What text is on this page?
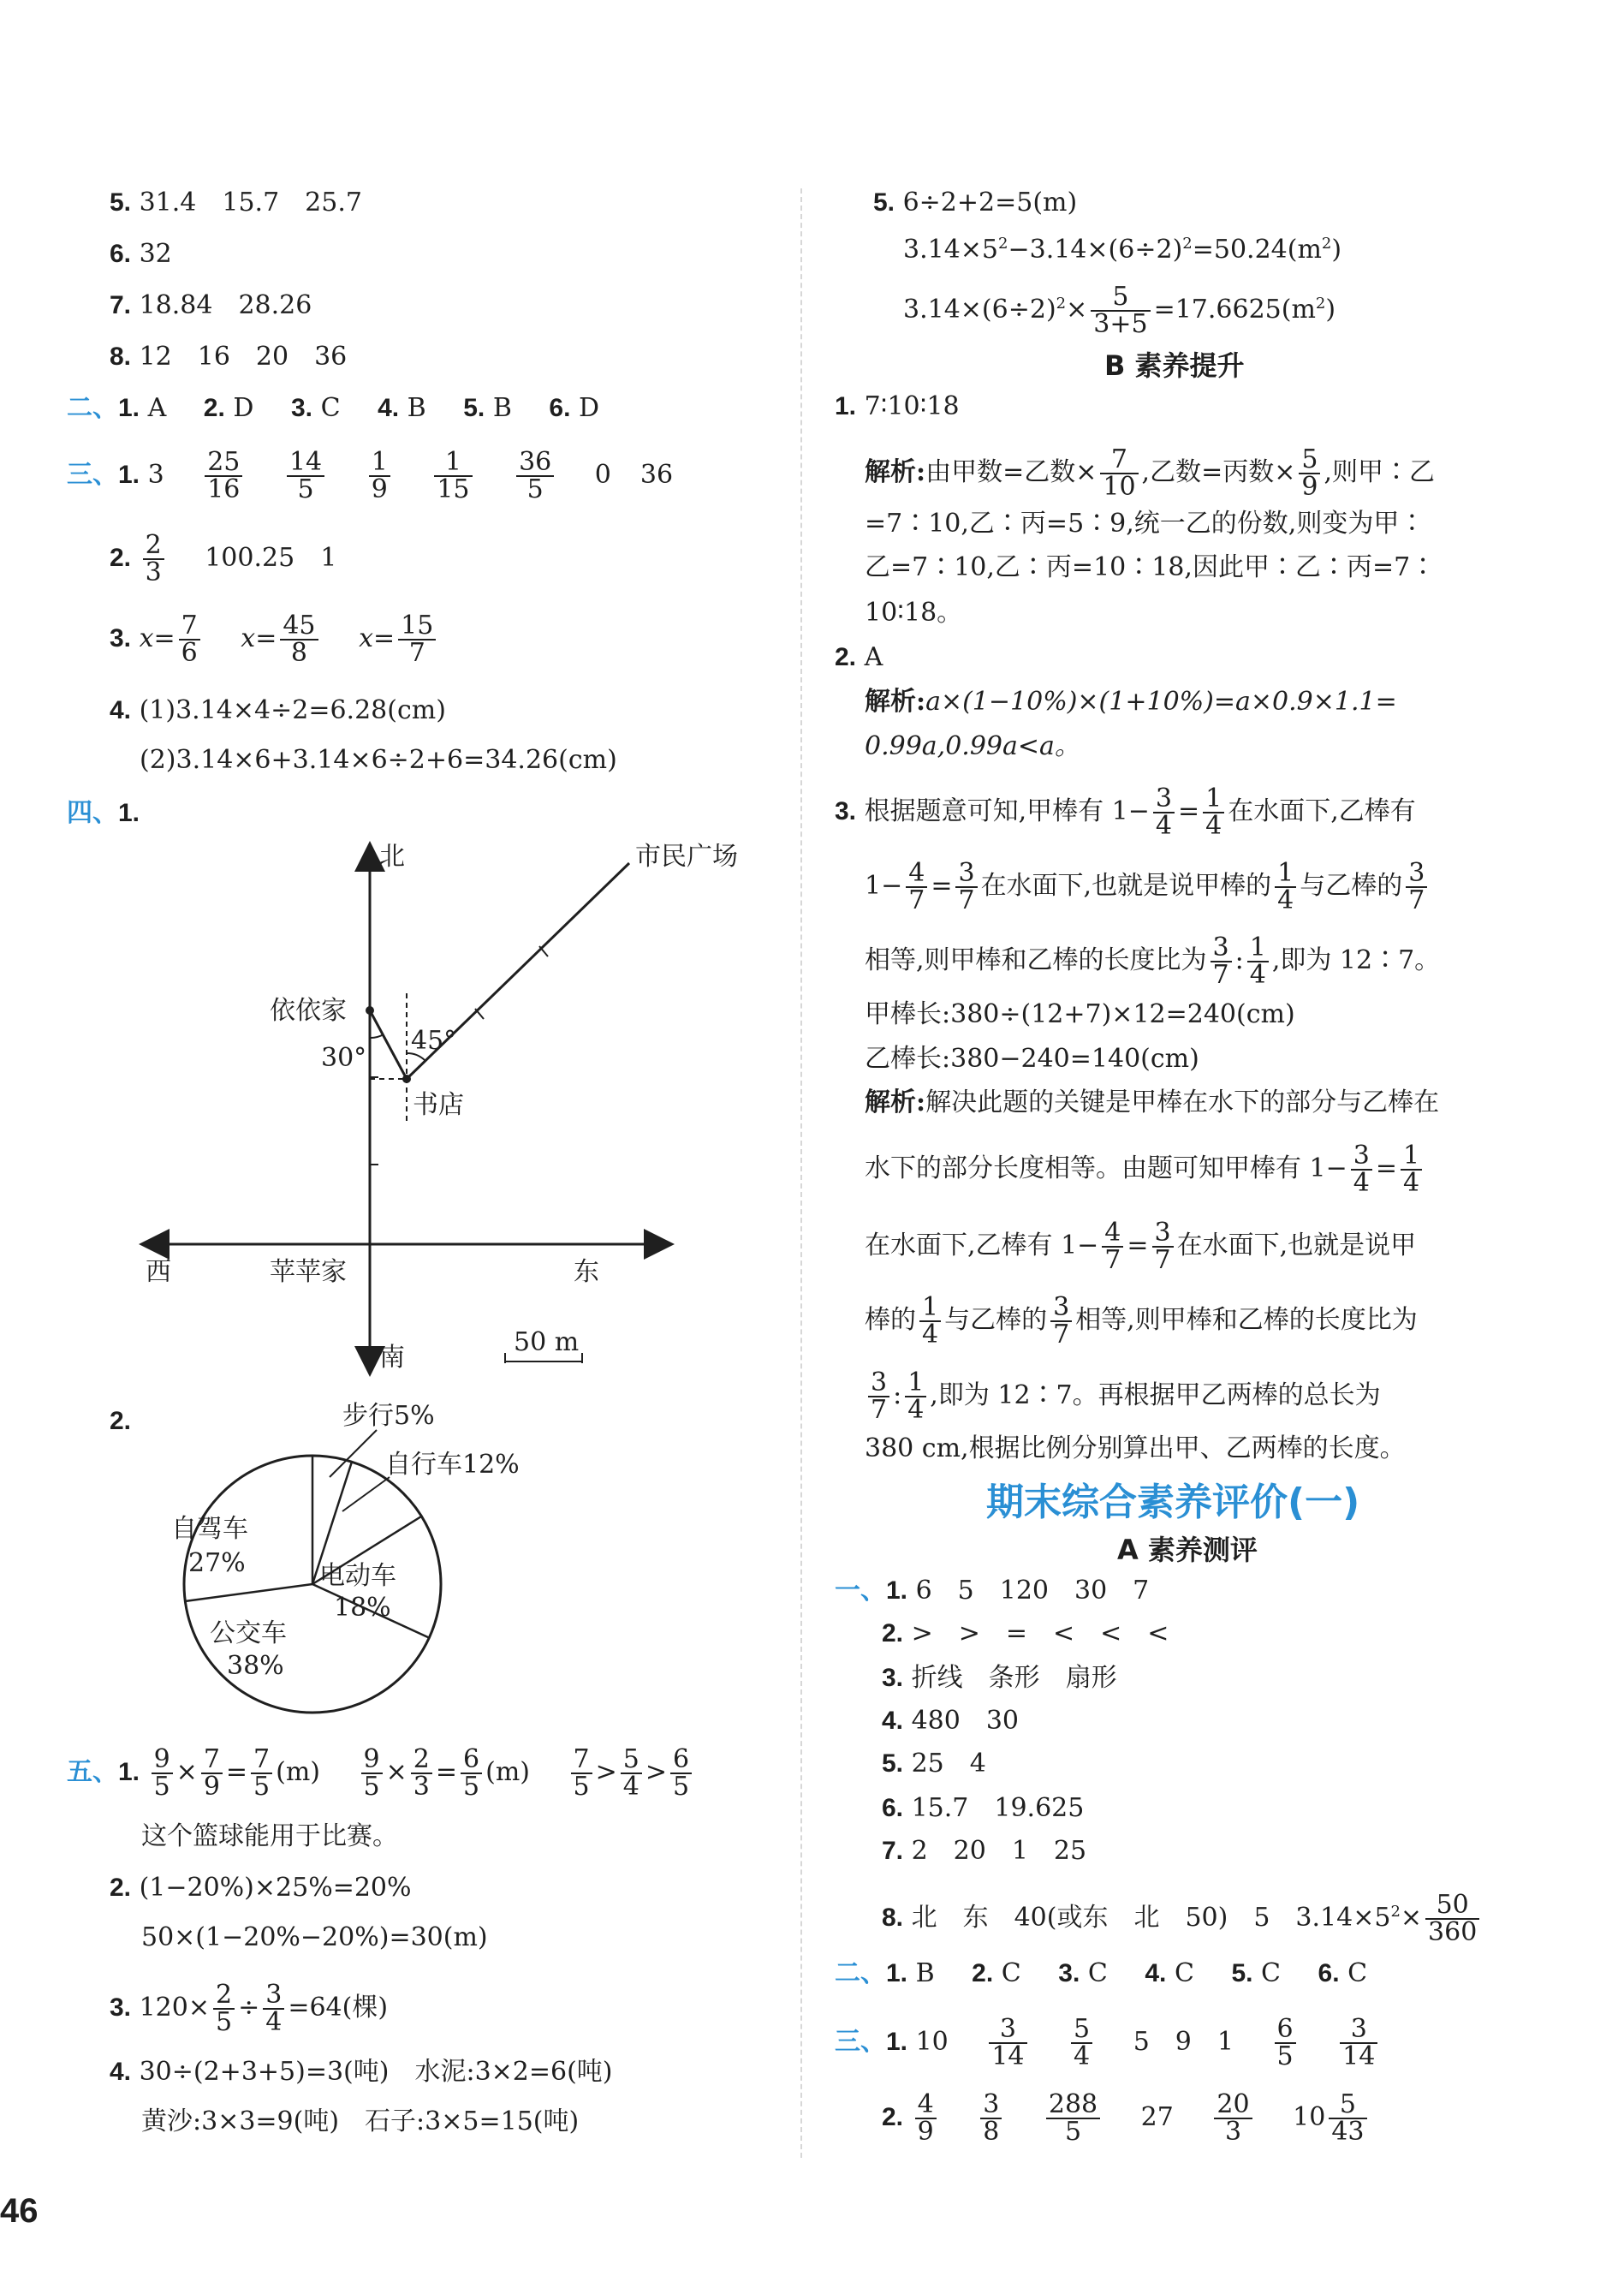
5. 31.4　15.7　25.7
6. 32
7. 18.84　28.26
8. 12　16　20　36
二、1. A 2. D 3. C 4. B 5. B 6. D
三、1. $3 \frac{25}{16}$
$\frac{14}{5}$
$\frac{1}{9}$
$\frac{1}{15}$
$\frac{36}{5} 0$ 36
2. $\frac{2}{3} 100.25$　1
3. $x= \frac{7}{6} x= \frac{45}{8} x= \frac{15}{7}$
4. (1)3.14×4÷2=6.28(cm)
(2)3.14×6+3.14×6÷2+6=34.26(cm)
四、1.
北
南
西	东
市民广场
依依家
书店
苹苹家
30°
45°
50 m
2.	步行5%
自行车12%
自驾车
27%	电动车
18%
公交车
38%
五、1. $\frac{9}{5} \times \frac{7}{9} = \frac{7}{5} (m) \frac{9}{5} \times \frac{2}{3} = \frac{6}{5} (m) \frac{7}{5} > \frac{5}{4} > \frac{6}{5}$
这个篮球能用于比赛。
2. (1−20%)×25%=20%
50×(1−20%−20%)=30(m)
3. $120\times \frac{2}{5} \div \frac{3}{4} =64$(棵)
4. 30÷(2+3+5)=3(吨)　水泥:3×2=6(吨)
黄沙:3×3=9(吨)　石子:3×5=15(吨)
5. 6÷2+2=5(m)
$3.14\times 5^2-3.14\times(6\div 2)^2=50.24(m^2)$
$3.14\times(6\div 2)^2\times \frac{5}{3+5} =17.6625(m^2)$
B 素养提升
1. 7∶10∶18
解析:由甲数=乙数× $\frac{7}{10}$ ,乙数=丙数× $\frac{5}{9}$ ,则甲∶乙
=7∶10,乙∶丙=5∶9,统一乙的份数,则变为甲∶
乙=7∶10,乙∶丙=10∶18,因此甲∶乙∶丙=7∶
10∶18。
2. A
解析:a×(1−10%)×(1+10%)=a×0.9×1.1=
0.99a,0.99a<a。
3. 根据题意可知,甲棒有 $1- \frac{3}{4} = \frac{1}{4}$ 在水面下,乙棒有
$1- \frac{4}{7} = \frac{3}{7}$ 在水面下,也就是说甲棒的 $\frac{1}{4}$ 与乙棒的 $\frac{3}{7}$
相等,则甲棒和乙棒的长度比为 $\frac{3}{7}$ : $\frac{1}{4}$ ,即为 12∶7。
甲棒长:380÷(12+7)×12=240(cm)
乙棒长:380−240=140(cm)
解析:解决此题的关键是甲棒在水下的部分与乙棒在
水下的部分长度相等。由题可知甲棒有 $1- \frac{3}{4} = \frac{1}{4}$
在水面下,乙棒有 $1- \frac{4}{7} = \frac{3}{7}$ 在水面下,也就是说甲
棒的 $\frac{1}{4}$ 与乙棒的 $\frac{3}{7}$ 相等,则甲棒和乙棒的长度比为
$\frac{3}{7}$ : $\frac{1}{4}$ ,即为 12∶7。再根据甲乙两棒的总长为
380 cm,根据比例分别算出甲、乙两棒的长度。
期末综合素养评价(一)
A 素养测评
一、1. 6　5　120　30　7
2. >　>　=　<　<　<
3. 折线　条形　扇形
4. 480　30
5. 25　4
6. 15.7　19.625
7. 2　20　1　25
8. 北　东　40(或东　北　50)　5　$3.14\times 5^2\times \frac{50}{360}$
二、1. B 2. C 3. C 4. C 5. C 6. C
三、1. $10 \frac{3}{14}$
$\frac{5}{4} 5$　9　$1 \frac{6}{5}$
$\frac{3}{14}$
2. $\frac{4}{9}$
$\frac{3}{8}$
$\frac{288}{5} 27 \frac{20}{3} 10 \frac{5}{43}$
46
